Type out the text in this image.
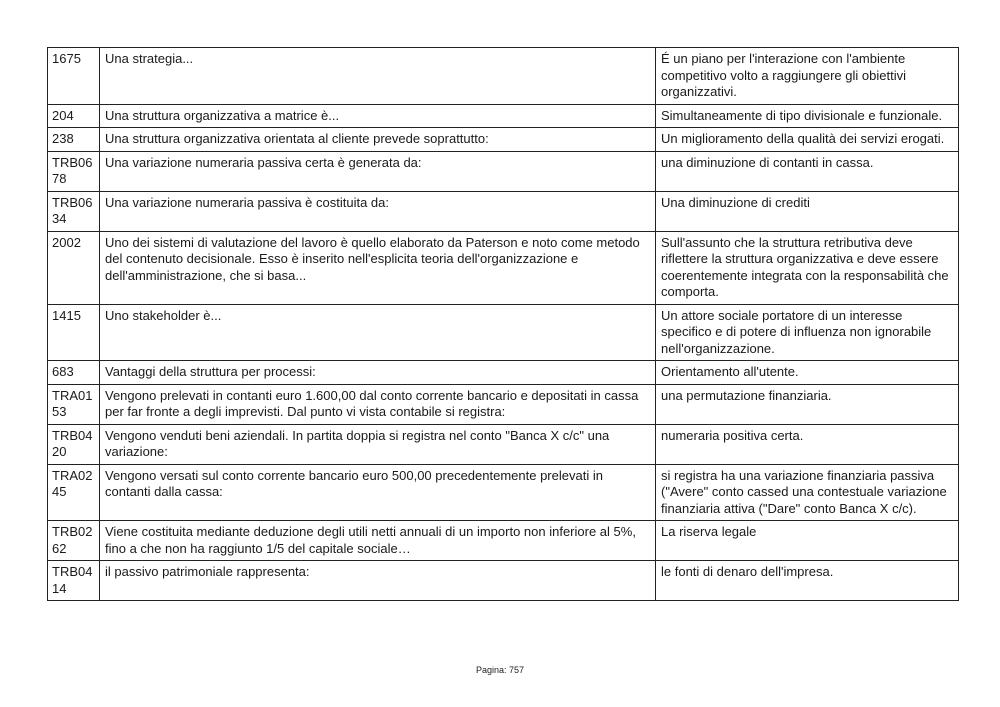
1675	Una strategia...	É un piano per l'interazione con l'ambiente competitivo volto a raggiungere gli obiettivi organizzativi.
204	Una struttura organizzativa a matrice è...	Simultaneamente di tipo divisionale e funzionale.
238	Una struttura organizzativa orientata al cliente prevede soprattutto:	Un miglioramento della qualità dei servizi erogati.
TRB0678	Una variazione numeraria passiva certa è generata da:	una diminuzione di contanti in cassa.
TRB0634	Una variazione numeraria passiva è costituita da:	Una diminuzione di crediti
2002	Uno dei sistemi di valutazione del lavoro è quello elaborato da Paterson e noto come metodo del contenuto decisionale. Esso è inserito nell'esplicita teoria dell'organizzazione e dell'amministrazione, che si basa...	Sull'assunto che la struttura retributiva deve riflettere la struttura organizzativa e deve essere coerentemente integrata con la responsabilità che comporta.
1415	Uno stakeholder è...	Un attore sociale portatore di un interesse specifico e di potere di influenza non ignorabile nell'organizzazione.
683	Vantaggi della struttura per processi:	Orientamento all'utente.
TRA0153	Vengono prelevati in contanti euro 1.600,00 dal conto corrente bancario e depositati in cassa per far fronte a degli imprevisti. Dal punto vi vista contabile si registra:	una permutazione finanziaria.
TRB0420	Vengono venduti beni aziendali. In partita doppia si registra nel conto "Banca X c/c" una variazione:	numeraria positiva certa.
TRA0245	Vengono versati sul conto corrente bancario euro 500,00 precedentemente prelevati in contanti dalla cassa:	si registra ha una variazione finanziaria passiva ("Avere" conto cassed una contestuale variazione finanziaria attiva ("Dare" conto Banca X c/c).
TRB0262	Viene costituita mediante deduzione degli utili netti annuali di un importo non inferiore al 5%, fino a che non ha raggiunto 1/5 del capitale sociale…	La riserva legale
TRB0414	il passivo patrimoniale rappresenta:	le fonti di denaro dell'impresa.
Pagina: 757
